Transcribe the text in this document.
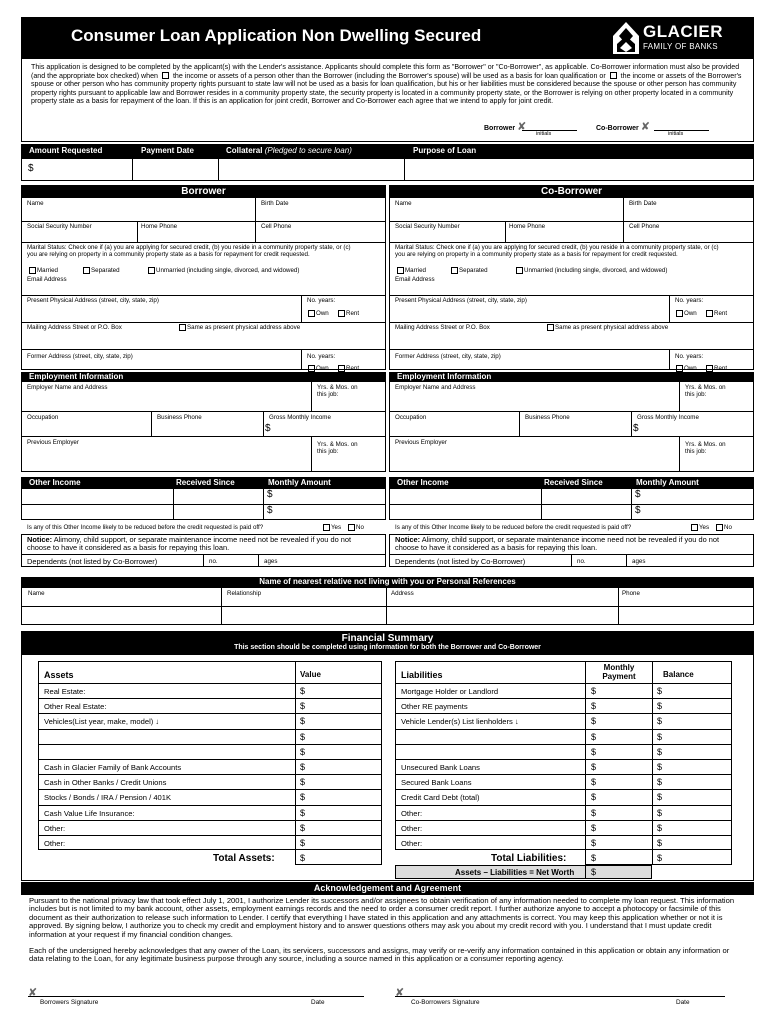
Consumer Loan Application Non Dwelling Secured	GLACIER
FAMILY OF BANKS
This application is designed to be completed by the applicant(s) with the Lender's assistance. Applicants should complete this form as "Borrower" or "Co-Borrower", as applicable. Co-Borrower information must also be provided (and the appropriate box checked) when the income or assets of a person other than the Borrower (including the Borrower's spouse) will be used as a basis for loan qualification or the income or assets of the Borrower's spouse or other person who has community property rights pursuant to state law will not be used as a basis for loan qualification, but his or her liabilities must be considered because the spouse or other person has community property rights pursuant to applicable law and Borrower resides in a community property state, the security property is located in a community property state, or the Borrower is relying on other property located in a community property state as a basis for repayment of the loan. If this is an application for joint credit, Borrower and Co-Borrower each agree that we intend to apply for joint credit.
Borrower ✘
initials
Co-Borrower ✘
initials
Amount Requested	Payment Date	Collateral (Pledged to secure loan)	Purpose of Loan
$
Borrower
Name	Birth Date
Social Security Number	Home Phone	Cell Phone
Marital Status: Check one if (a) you are applying for secured credit, (b) you reside in a community property state, or (c) you are relying on property in a community property state as a basis for repayment for credit requested.
Married	Separated	Unmarried (including single, divorced, and widowed)
Email Address
Present Physical Address (street, city, state, zip)	No. years:
Own	Rent
Mailing Address Street or P.O. Box	Same as present physical address above
Former Address (street, city, state, zip)	No. years:
Own	Rent
Employment Information
Employer Name and Address	Yrs. & Mos. on this job:
Occupation	Business Phone	Gross Monthly Income
$
Previous Employer	Yrs. & Mos. on this job:
Other Income	Received Since	Monthly Amount
$
$
Is any of this Other Income likely to be reduced before the credit requested is paid off?	Yes No
Notice: Alimony, child support, or separate maintenance income need not be revealed if you do not choose to have it considered as a basis for repaying this loan.
Dependents (not listed by Co-Borrower)	no.	ages
Co-Borrower
Name	Birth Date
Social Security Number	Home Phone	Cell Phone
Marital Status: Check one if (a) you are applying for secured credit, (b) you reside in a community property state, or (c) you are relying on property in a community property state as a basis for repayment for credit requested.
Married	Separated	Unmarried (including single, divorced, and widowed)
Email Address
Present Physical Address (street, city, state, zip)	No. years:
Own	Rent
Mailing Address Street or P.O. Box	Same as present physical address above
Former Address (street, city, state, zip)	No. years:
Own	Rent
Employment Information
Employer Name and Address	Yrs. & Mos. on this job:
Occupation	Business Phone	Gross Monthly Income
$
Previous Employer	Yrs. & Mos. on this job:
Other Income	Received Since	Monthly Amount
$
$
Is any of this Other Income likely to be reduced before the credit requested is paid off?	Yes No
Notice: Alimony, child support, or separate maintenance income need not be revealed if you do not choose to have it considered as a basis for repaying this loan.
Dependents (not listed by Co-Borrower)	no.	ages
Name of nearest relative not living with you or Personal References
Name	Relationship	Address	Phone
Financial Summary
This section should be completed using information for both the Borrower and Co-Borrower
Assets	Value
Real Estate:	$
Other Real Estate:	$
Vehicles(List year, make, model) ↓	$
$
$
Cash in Glacier Family of Bank Accounts	$
Cash in Other Banks / Credit Unions	$
Stocks / Bonds / IRA / Pension / 401K	$
Cash Value Life Insurance:	$
Other:	$
Other:	$
Total Assets:	$
Liabilities
Monthly Payment	Balance
Mortgage Holder or Landlord	$	$
Other RE payments	$	$
Vehicle Lender(s) List lienholders ↓	$	$
$	$
$	$
Unsecured Bank Loans	$	$
Secured Bank Loans	$	$
Credit Card Debt (total)	$	$
Other:	$	$
Other:	$	$
Other:	$	$
Total Liabilities:	$	$
Assets – Liabilities = Net Worth $
Acknowledgement and Agreement

Pursuant to the national privacy law that took effect July 1, 2001, I authorize Lender its successors and/or assignees to obtain verification of any information needed to complete my loan request. This information includes but is not limited to my bank account, other assets, employment earnings records and the need to order a consumer credit report. I further authorize anyone to accept a photocopy or facsimile of this document as their authorization to release such information to Lender. I certify that everything I have stated in this application and any attachments is correct. You may keep this application whether or not it is approved. By signing below, I authorize you to check my credit and employment history and to answer questions others may ask you about my credit record with you. I understand that I must update credit information at your request if my financial condition changes.

Each of the undersigned hereby acknowledges that any owner of the Loan, its servicers, successors and assigns, may verify or re-verify any information contained in this application or obtain any information or data relating to the Loan, for any legitimate business purpose through any source, including a source named in this application or a consumer reporting agency.

✘
Borrowers Signature	Date
✘
Co-Borrowers Signature	Date
